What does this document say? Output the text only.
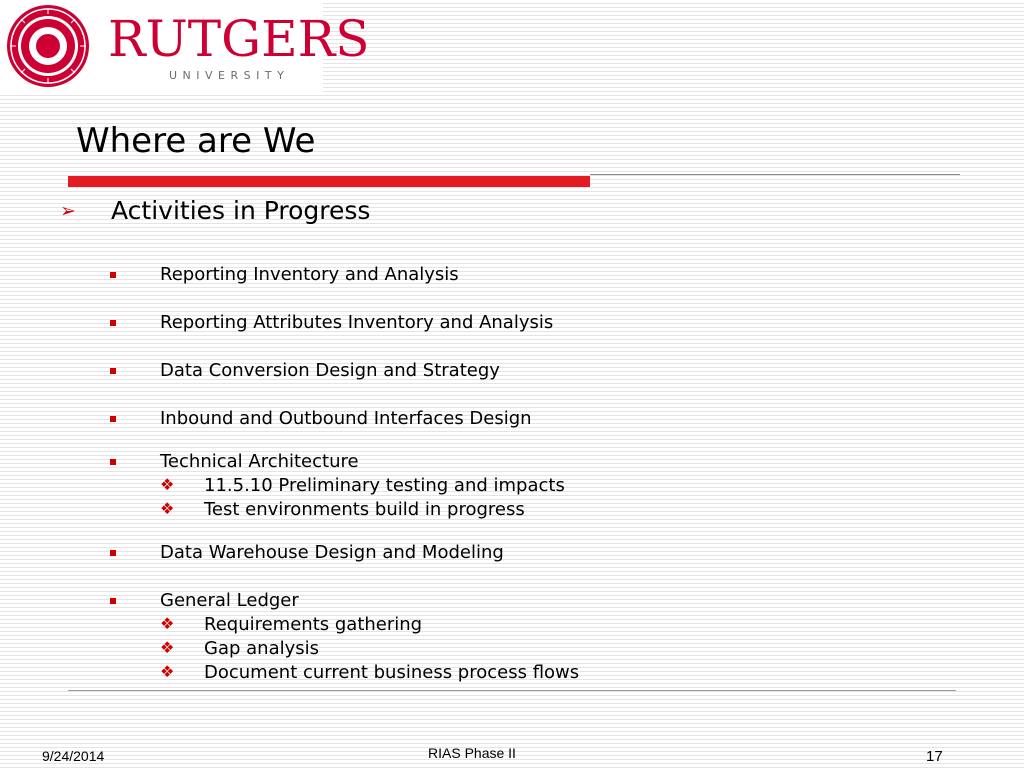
RUTGERS
UNIVERSITY
Where are We
➢ Activities in Progress
Reporting Inventory and Analysis
Reporting Attributes Inventory and Analysis
Data Conversion Design and Strategy
Inbound and Outbound Interfaces Design
Technical Architecture
❖ 11.5.10 Preliminary testing and impacts
❖ Test environments build in progress
Data Warehouse Design and Modeling
General Ledger
❖ Requirements gathering
❖ Gap analysis
❖ Document current business process flows
9/24/2014	RIAS Phase II	17
